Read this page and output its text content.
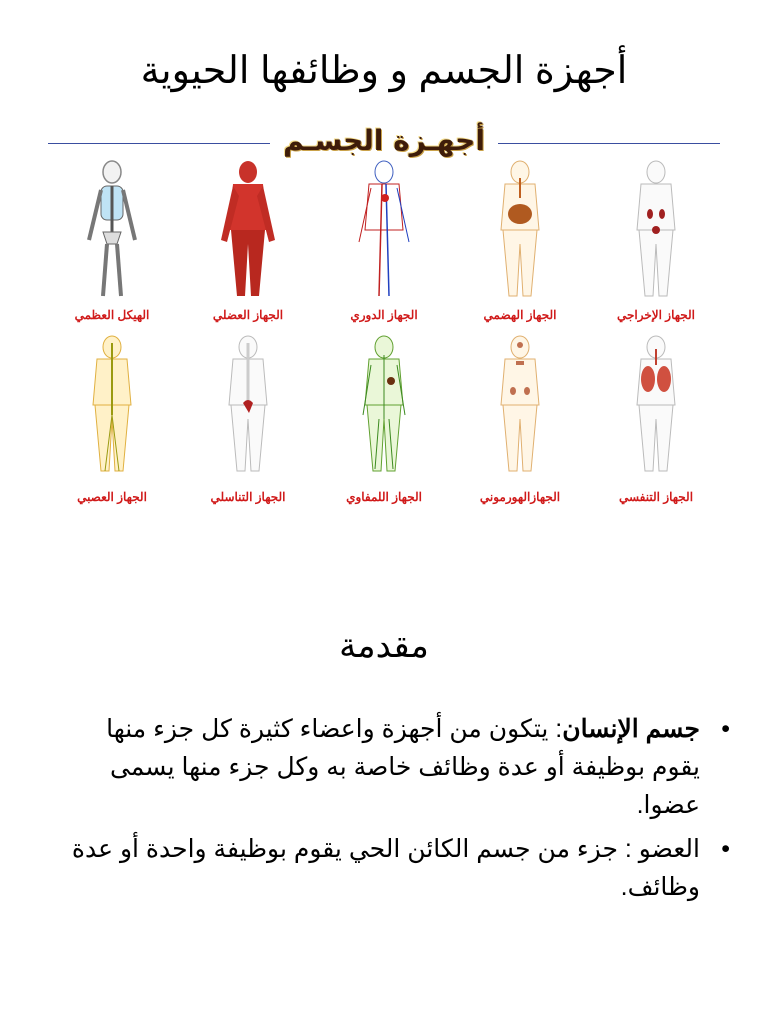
أجهزة الجسم و وظائفها الحيوية
أجهـزة الجسـم
الهيكل العظمي	الجهاز العضلي	الجهاز الدوري	الجهاز الهضمي	الجهاز الإخراجي
الجهاز العصبي	الجهاز التناسلي	الجهاز اللمفاوي	الجهازالهورموني	الجهاز التنفسي
مقدمة
•
جسم الإنسان: يتكون من أجهزة واعضاء كثيرة كل جزء منها يقوم بوظيفة أو عدة وظائف خاصة به وكل جزء منها يسمى عضوا.
•
العضو : جزء من جسم الكائن الحي يقوم بوظيفة واحدة أو عدة وظائف.
